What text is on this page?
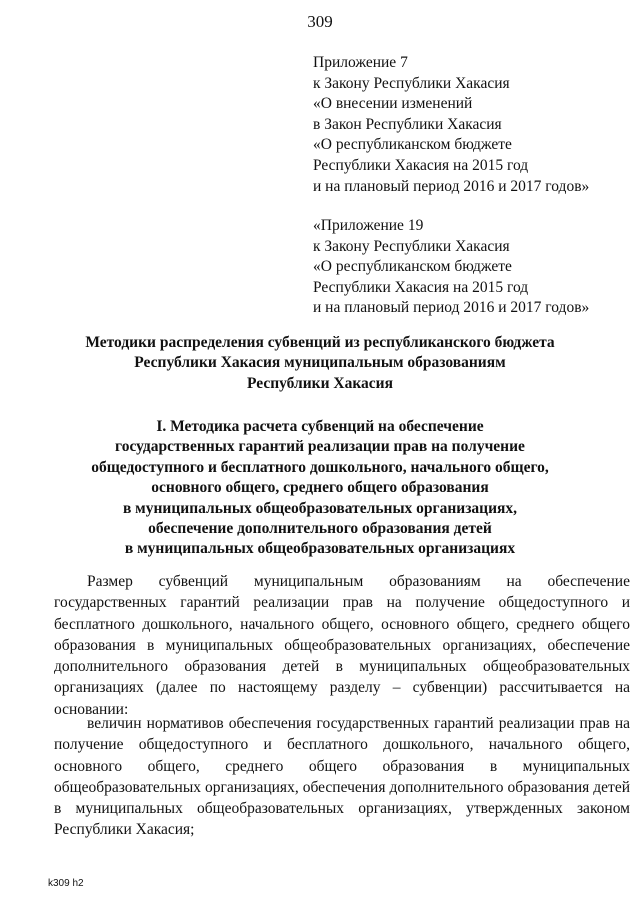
309
Приложение 7
к Закону Республики Хакасия
«О внесении изменений
в Закон Республики Хакасия
«О республиканском бюджете
Республики Хакасия на 2015 год
и на плановый период 2016 и 2017 годов»
«Приложение 19
к Закону Республики Хакасия
«О республиканском бюджете
Республики Хакасия на 2015 год
и на плановый период 2016 и 2017 годов»
Методики распределения субвенций из республиканского бюджета
Республики Хакасия муниципальным образованиям
Республики Хакасия
I. Методика расчета субвенций на обеспечение
государственных гарантий реализации прав на получение
общедоступного и бесплатного дошкольного, начального общего,
основного общего, среднего общего образования
в муниципальных общеобразовательных организациях,
обеспечение дополнительного образования детей
в муниципальных общеобразовательных организациях

Размер субвенций муниципальным образованиям на обеспечение государственных гарантий реализации прав на получение общедоступного и бесплатного дошкольного, начального общего, основного общего, среднего общего образования в муниципальных общеобразовательных организациях, обеспечение дополнительного образования детей в муниципальных общеобразовательных организациях (далее по настоящему разделу – субвенции) рассчитывается на основании:

величин нормативов обеспечения государственных гарантий реализации прав на получение общедоступного и бесплатного дошкольного, начального общего, основного общего, среднего общего образования в муниципальных общеобразовательных организациях, обеспечения дополнительного образования детей в муниципальных общеобразовательных организациях, утвержденных законом Республики Хакасия;

k309 h2
